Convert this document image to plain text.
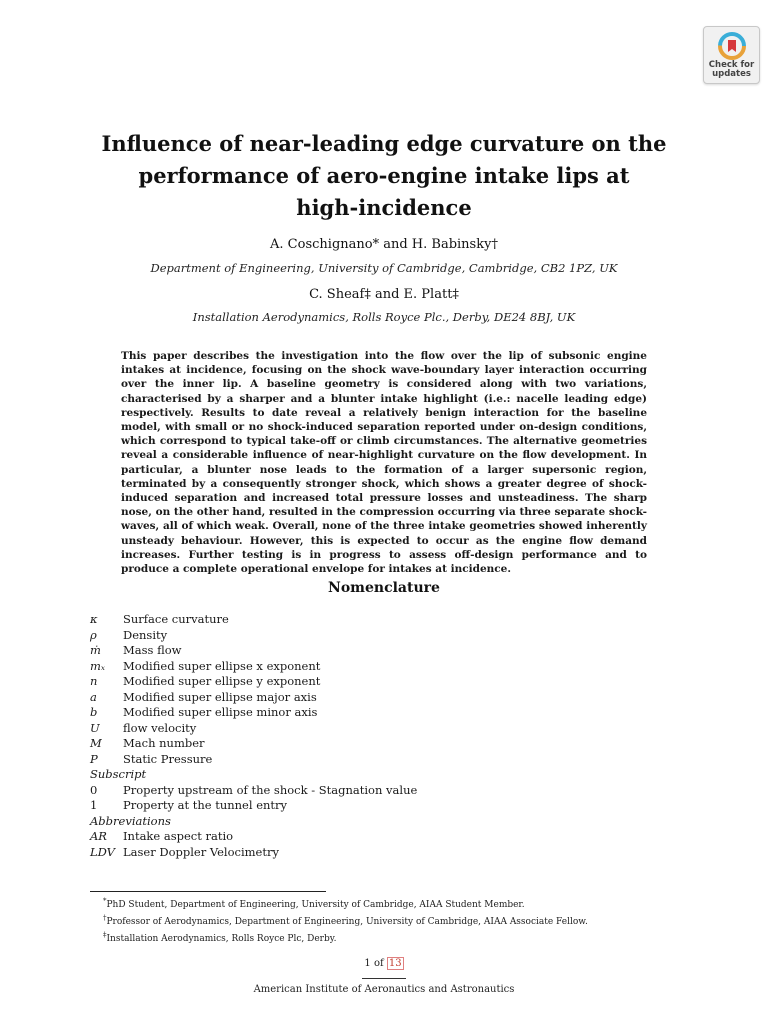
Check for
updates
Influence of near-leading edge curvature on the
performance of aero-engine intake lips at
high-incidence
A. Coschignano* and H. Babinsky†
Department of Engineering, University of Cambridge, Cambridge, CB2 1PZ, UK
C. Sheaf‡ and E. Platt‡
Installation Aerodynamics, Rolls Royce Plc., Derby, DE24 8BJ, UK

This paper describes the investigation into the flow over the lip of subsonic engine intakes at incidence, focusing on the shock wave-boundary layer interaction occurring over the inner lip. A baseline geometry is considered along with two variations, characterised by a sharper and a blunter intake highlight (i.e.: nacelle leading edge) respectively. Results to date reveal a relatively benign interaction for the baseline model, with small or no shock-induced separation reported under on-design conditions, which correspond to typical take-off or climb circumstances. The alternative geometries reveal a considerable influence of near-highlight curvature on the flow development. In particular, a blunter nose leads to the formation of a larger supersonic region, terminated by a consequently stronger shock, which shows a greater degree of shock-induced separation and increased total pressure losses and unsteadiness. The sharp nose, on the other hand, resulted in the compression occurring via three separate shock-waves, all of which weak. Overall, none of the three intake geometries showed inherently unsteady behaviour. However, this is expected to occur as the engine flow demand increases. Further testing is in progress to assess off-design performance and to produce a complete operational envelope for intakes at incidence.

Nomenclature
κ Surface curvature
ρ Density
ṁ Mass flow
mₓ Modified super ellipse x exponent
n Modified super ellipse y exponent
a Modified super ellipse major axis
b Modified super ellipse minor axis
U flow velocity
M Mach number
P Static Pressure
Subscript
0 Property upstream of the shock - Stagnation value
1 Property at the tunnel entry
Abbreviations
AR Intake aspect ratio
LDV Laser Doppler Velocimetry
*PhD Student, Department of Engineering, University of Cambridge, AIAA Student Member.
†Professor of Aerodynamics, Department of Engineering, University of Cambridge, AIAA Associate Fellow.
‡Installation Aerodynamics, Rolls Royce Plc, Derby.
1 of 13
American Institute of Aeronautics and Astronautics
